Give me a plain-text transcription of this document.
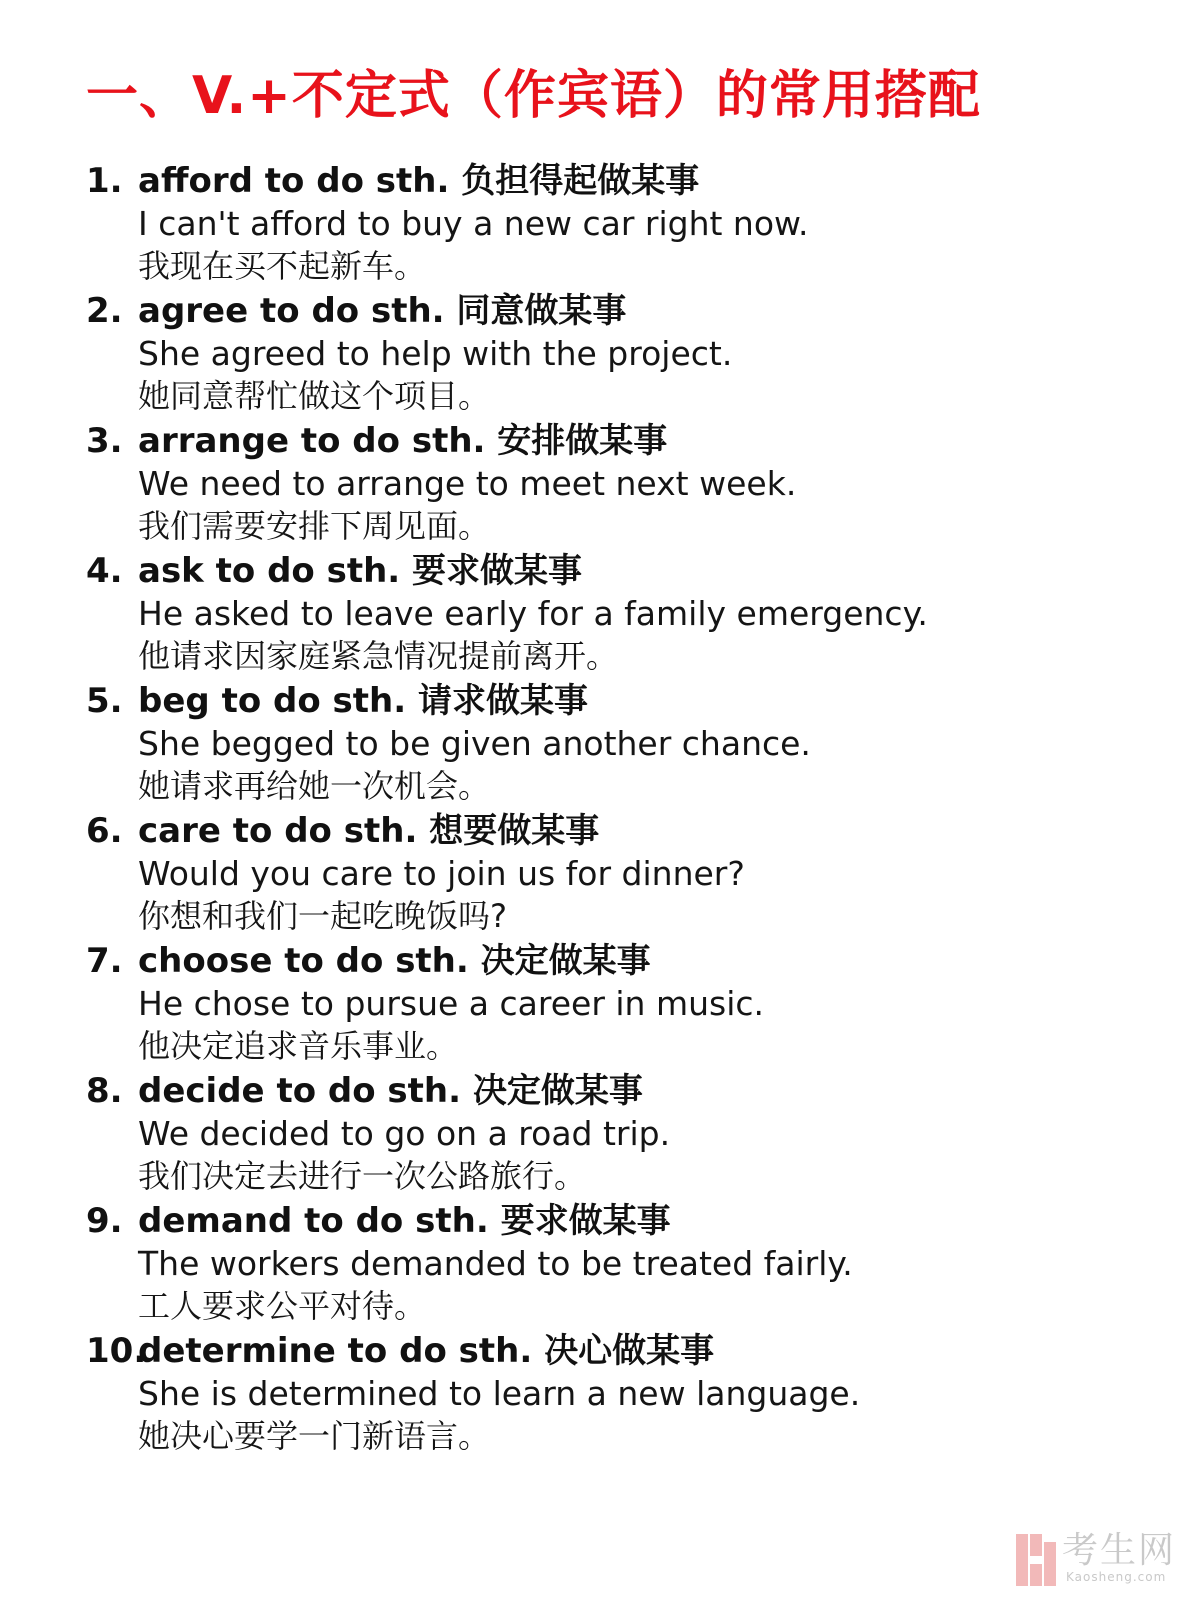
一、V.+不定式（作宾语）的常用搭配
1. afford to do sth. 负担得起做某事
I can't afford to buy a new car right now.
我现在买不起新车。
2. agree to do sth. 同意做某事
She agreed to help with the project.
她同意帮忙做这个项目。
3. arrange to do sth. 安排做某事
We need to arrange to meet next week.
我们需要安排下周见面。
4. ask to do sth. 要求做某事
He asked to leave early for a family emergency.
他请求因家庭紧急情况提前离开。
5. beg to do sth. 请求做某事
She begged to be given another chance.
她请求再给她一次机会。
6. care to do sth. 想要做某事
Would you care to join us for dinner?
你想和我们一起吃晚饭吗?
7. choose to do sth. 决定做某事
He chose to pursue a career in music.
他决定追求音乐事业。
8. decide to do sth. 决定做某事
We decided to go on a road trip.
我们决定去进行一次公路旅行。
9. demand to do sth. 要求做某事
The workers demanded to be treated fairly.
工人要求公平对待。
10.
determine to do sth. 决心做某事
She is determined to learn a new language.
她决心要学一门新语言。
考生网
Kaosheng.com
